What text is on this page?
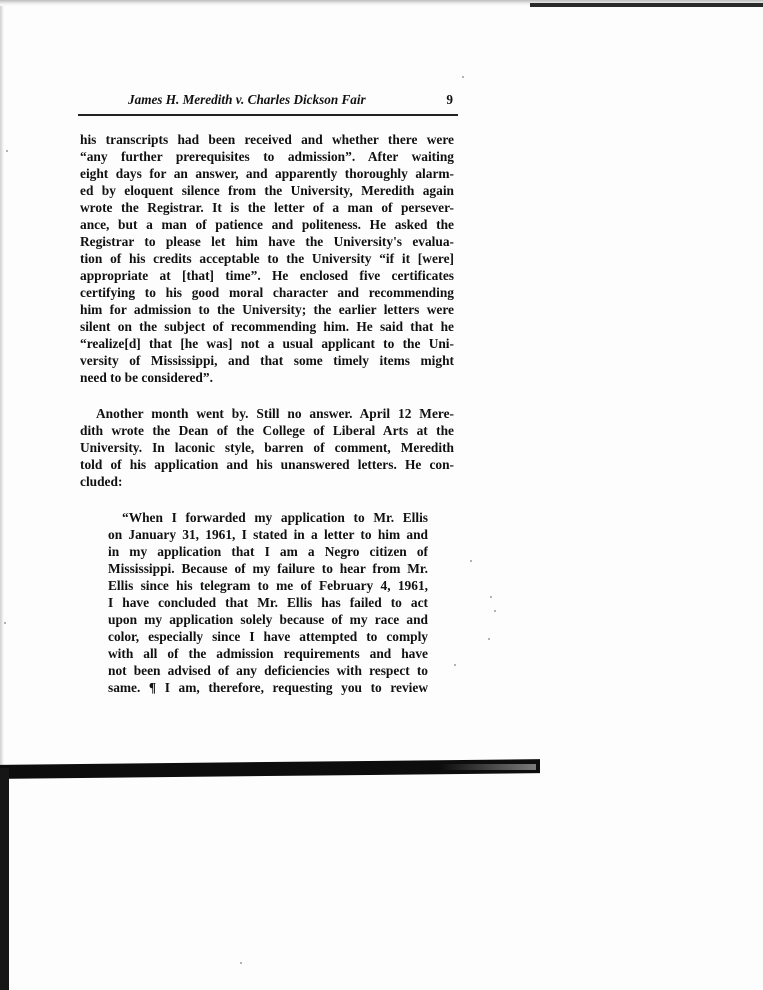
James H. Meredith v. Charles Dickson Fair	9
his transcripts had been received and whether there were
“any further prerequisites to admission”. After waiting
eight days for an answer, and apparently thoroughly alarm-
ed by eloquent silence from the University, Meredith again
wrote the Registrar. It is the letter of a man of persever-
ance, but a man of patience and politeness. He asked the
Registrar to please let him have the University's evalua-
tion of his credits acceptable to the University “if it [were]
appropriate at [that] time”. He enclosed five certificates
certifying to his good moral character and recommending
him for admission to the University; the earlier letters were
silent on the subject of recommending him. He said that he
“realize[d] that [he was] not a usual applicant to the Uni-
versity of Mississippi, and that some timely items might
need to be considered”.
Another month went by. Still no answer. April 12 Mere-
dith wrote the Dean of the College of Liberal Arts at the
University. In laconic style, barren of comment, Meredith
told of his application and his unanswered letters. He con-
cluded:
“When I forwarded my application to Mr. Ellis
on January 31, 1961, I stated in a letter to him and
in my application that I am a Negro citizen of
Mississippi. Because of my failure to hear from Mr.
Ellis since his telegram to me of February 4, 1961,
I have concluded that Mr. Ellis has failed to act
upon my application solely because of my race and
color, especially since I have attempted to comply
with all of the admission requirements and have
not been advised of any deficiencies with respect to
same. ¶ I am, therefore, requesting you to review
